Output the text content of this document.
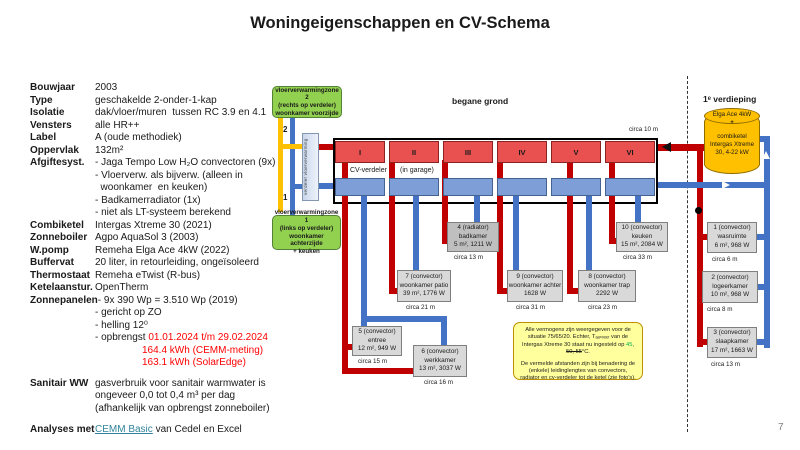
Woningeigenschappen en CV-Schema
Bouwjaar	2003
Type	geschakelde 2-onder-1-kap
Isolatie	dak/vloer/muren  tussen RC 3.9 en 4.1
Vensters	alle HR++
Label	A (oude methodiek)
Oppervlak	132m²
Afgiftesyst.	- Jaga Tempo Low H₂O convectoren (9x)
- Vloerverw. als bijverw. (alleen in
woonkamer  en keuken)
- Badkamerradiator (1x)
- niet als LT-systeem berekend
Combiketel	Intergas Xtreme 30 (2021)
Zonneboiler Agpo AquaSol 3 (2003)
W.pomp	Remeha Elga Ace 4kW (2022)
Buffervat	20 liter, in retourleiding, ongeïsoleerd
Thermostaat Remeha eTwist (R-bus)
Ketelaanstur. OpenTherm
Zonnepanelen - 9x 390 Wp = 3.510 Wp (2019)
- gericht op ZO
- helling 12⁰
- opbrengst 01.01.2024 t/m 29.02.2024
164.4 kWh (CEMM-meting)
163.1 kWh (SolarEdge)
Sanitair WW gasverbruik voor sanitair warmwater is
ongeveer 0,0 tot 0,4 m³ per dag
(afhankelijk van opbrengst zonneboiler)
Analyses met CEMM Basic van Cedel en Excel
begane grond	1ᵉ verdieping
2
1
vloerverwarmingzone 2
(rechts op verdeler)
woonkamer voorzijde
vloerverwarmingzone 1
(links op verdeler)
woonkamer achterzijde
+ keuken
verdeler vloerverwarming	I	II	III	IV	V	VI
CV-verdeler (in garage)
4 (radiator)
badkamer
5 m², 1211 W
circa 13 m
10 (convector)
keuken
15 m², 2084 W
circa 33 m
7 (convector)
woonkamer patio
39 m², 1776 W
circa 21 m
9 (convector)
woonkamer achter
1628 W
circa 31 m
8 (convector)
woonkamer trap
2292 W
circa 23 m
5 (convector)
entree
12 m², 949 W
circa 15 m
6 (convector)
werkkamer
13 m², 3037 W
circa 16 m
circa 10 m
Elga Ace 4kW
+
combiketel
Intergas Xtreme
30, 4-22 kW
1 (convector)
wasruimte
6 m², 968 W
circa 6 m
2 (convector)
logeerkamer
10 m², 968 W
circa 8 m
3 (convector)
slaapkamer
17 m², 1663 W
circa 13 m
Alle vermogens zijn weergegeven voor de situatie 75/65/20. Echter, Tₐₐₙᵥₒₑᵣ van de Intergas Xtreme 30 staat nu ingesteld op 45, 50, 55°C.
De vermelde afstanden zijn bij benadering de (enkele) leidinglengtes van convectors, radiator en cv-verdeler tot de ketel (zie foto's).
7
